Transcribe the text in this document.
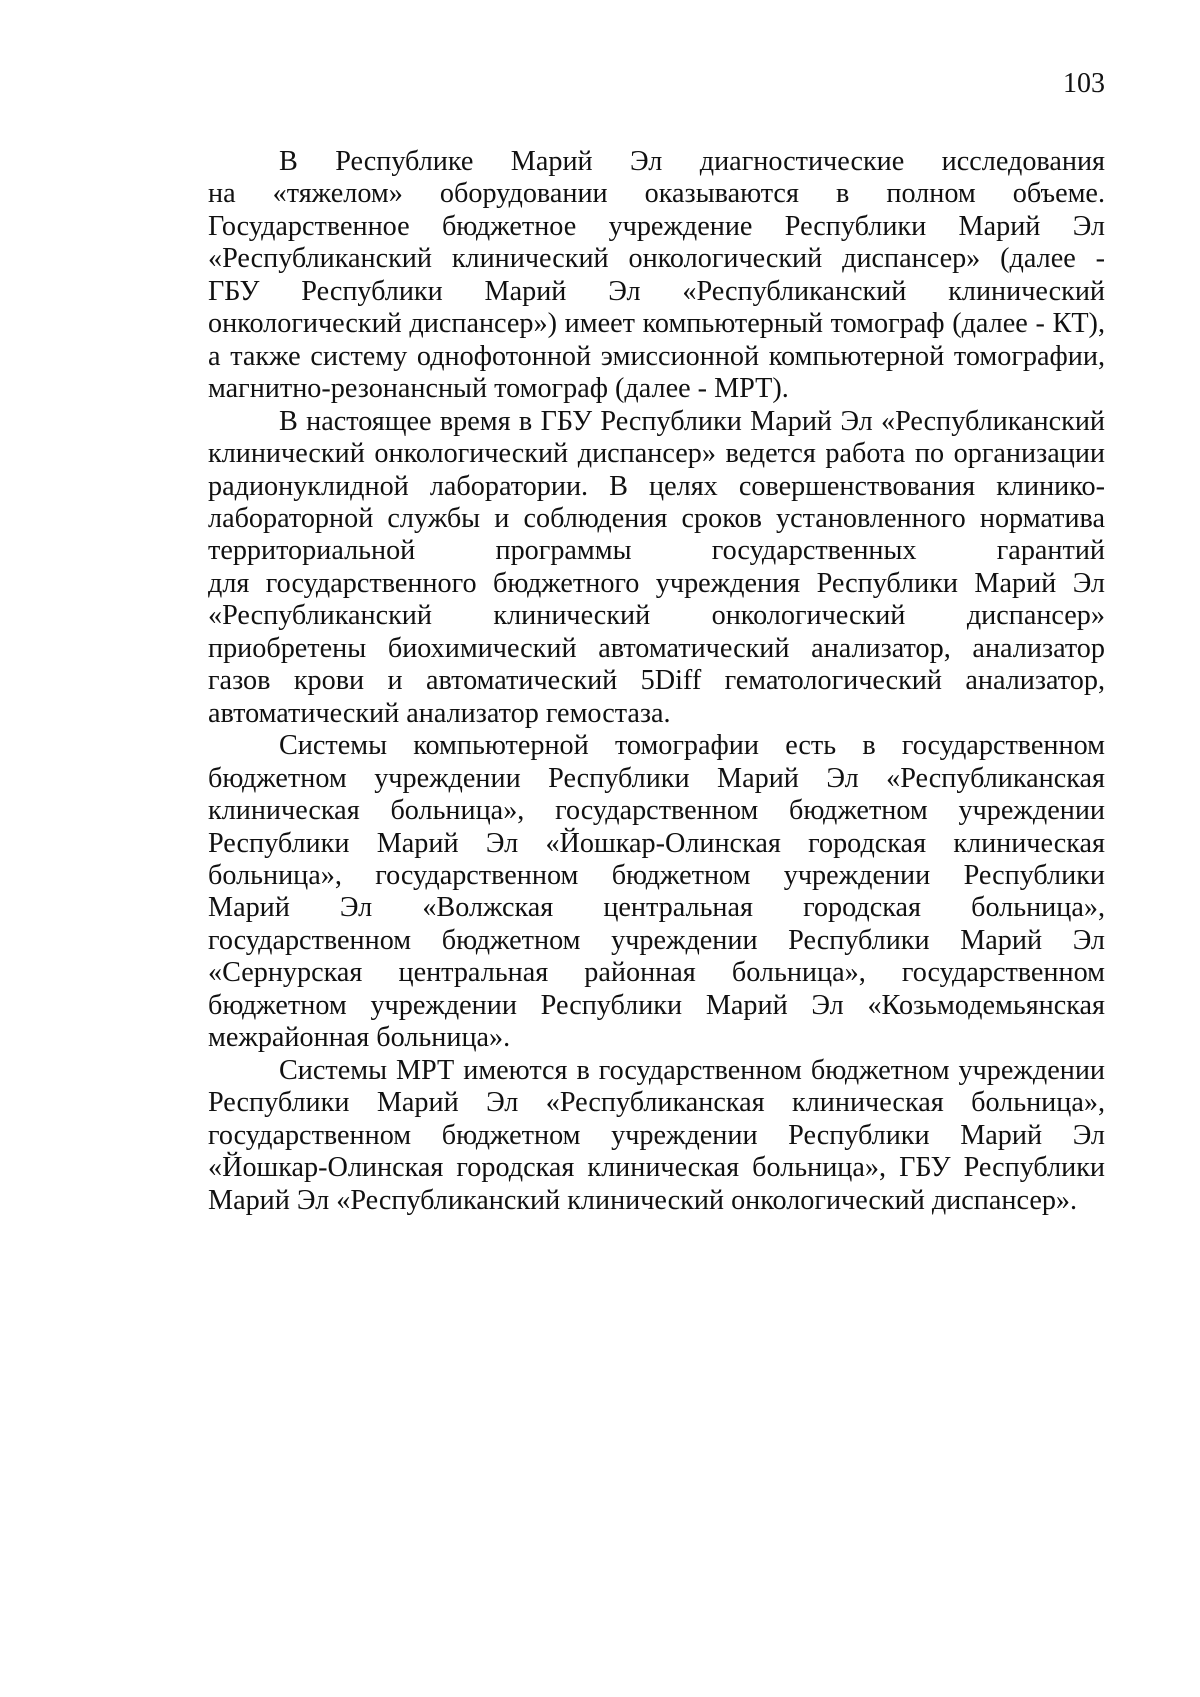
103

В Республике Марий Эл диагностические исследования
на «тяжелом» оборудовании оказываются в полном объеме.
Государственное бюджетное учреждение Республики Марий Эл
«Республиканский клинический онкологический диспансер» (далее -
ГБУ Республики Марий Эл «Республиканский клинический
онкологический диспансер») имеет компьютерный томограф (далее - КТ),
а также систему однофотонной эмиссионной компьютерной томографии,
магнитно-резонансный томограф (далее - МРТ).

В настоящее время в ГБУ Республики Марий Эл «Республиканский
клинический онкологический диспансер» ведется работа по организации
радионуклидной лаборатории. В целях совершенствования клинико-
лабораторной службы и соблюдения сроков установленного норматива
территориальной программы государственных гарантий
для государственного бюджетного учреждения Республики Марий Эл
«Республиканский клинический онкологический диспансер»
приобретены биохимический автоматический анализатор, анализатор
газов крови и автоматический 5Diff гематологический анализатор,
автоматический анализатор гемостаза.

Системы компьютерной томографии есть в государственном
бюджетном учреждении Республики Марий Эл «Республиканская
клиническая больница», государственном бюджетном учреждении
Республики Марий Эл «Йошкар-Олинская городская клиническая
больница», государственном бюджетном учреждении Республики
Марий Эл «Волжская центральная городская больница»,
государственном бюджетном учреждении Республики Марий Эл
«Сернурская центральная районная больница», государственном
бюджетном учреждении Республики Марий Эл «Козьмодемьянская
межрайонная больница».

Системы МРТ имеются в государственном бюджетном учреждении
Республики Марий Эл «Республиканская клиническая больница»,
государственном бюджетном учреждении Республики Марий Эл
«Йошкар-Олинская городская клиническая больница», ГБУ Республики
Марий Эл «Республиканский клинический онкологический диспансер».
